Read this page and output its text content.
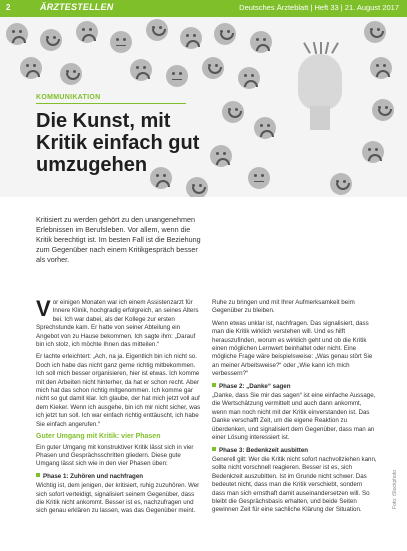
2	ÄRZTESTELLEN	Deutsches Ärzteblatt | Heft 33 | 21. August 2017
KOMMUNIKATION
Die Kunst, mit Kritik einfach gut umzugehen
Kritisiert zu werden gehört zu den unangenehmen Erlebnissen im Berufsleben. Vor allem, wenn die Kritik berechtigt ist. Im besten Fall ist die Beziehung zum Gegenüber nach einem Kritikgespräch besser als vorher.
V or einigen Monaten war ich einem Assistenzarzt für Innere Klinik, hochgradig erfolgreich, an seines Alters bei. Ich war dabei, als der Kollege zur ersten Sprechstunde kam. Er hatte von seiner Abteilung ein Angebot von zu Hause bekommen. Ich sagte ihm: „Darauf bin ich stolz, ich möchte Ihnen das mitteilen.“

Er lachte erleichtert: „Ach, na ja. Eigentlich bin ich nicht so. Doch ich habe das nicht ganz gerne richtig mitbekommen. Ich soll mich besser organisieren, hier ist etwas. Ich komme mit den Arbeiten nicht hinterher, da hat er schon recht. Aber mich hat das schon richtig mitgenommen. Ich komme gar nicht so gut damit klar. Ich glaube, der hat mich jetzt voll auf dem Kieker. Wenn ich ausgehe, bin ich mir nicht sicher, was ich jetzt tun soll. Ich war einfach richtig enttäuscht, ich habe Sie einfach angerufen.“

Guter Umgang mit Kritik: vier Phasen

Ein guter Umgang mit konstruktiver Kritik lässt sich in vier Phasen und Gesprächsschritten gliedern. Diese gute Umgang lässt sich wie in den vier Phasen üben:

Phase 1: Zuhören und nachfragen

Wichtig ist, dem jenigen, der kritisiert, ruhig zuzuhören. Wer sich sofort verteidigt, signalisiert seinem Gegenüber, dass die Kritik nicht ankommt. Besser ist es, nachzufragen und sich genau erklären zu lassen, was das Gegenüber meint.

Ruhe zu bringen und mit Ihrer Aufmerksamkeit beim Gegenüber zu bleiben.

Wenn etwas unklar ist, nachfragen. Das signalisiert, dass man die Kritik wirklich verstehen will. Und es hilft herauszufinden, worum es wirklich geht und ob die Kritik einen möglichen Lernwert beinhaltet oder nicht. Eine mögliche Frage wäre beispielsweise: „Was genau stört Sie an meiner Arbeitsweise?“ oder „Wie kann ich mich verbessern?“

Phase 2: „Danke“ sagen

„Danke, dass Sie mir das sagen“ ist eine einfache Aussage, die Wertschätzung vermittelt und auch dann ankommt, wenn man noch nicht mit der Kritik einverstanden ist. Das Danke verschafft Zeit, um die eigene Reaktion zu überdenken, und signalisiert dem Gegenüber, dass man an einer Lösung interessiert ist.

Phase 3: Bedenkzeit ausbitten

Generell gilt: Wer die Kritik nicht sofort nachvollziehen kann, sollte nicht vorschnell reagieren. Besser ist es, sich Bedenkzeit auszubitten. Ist im Grunde nicht schwer. Das bedeutet nicht, dass man die Kritik verschiebt, sondern dass man sich ernsthaft damit auseinandersetzen will. So bleibt die Gesprächsbasis erhalten, und beide Seiten gewinnen Zeit für eine sachliche Klärung der Situation.

Foto: iStockphoto
